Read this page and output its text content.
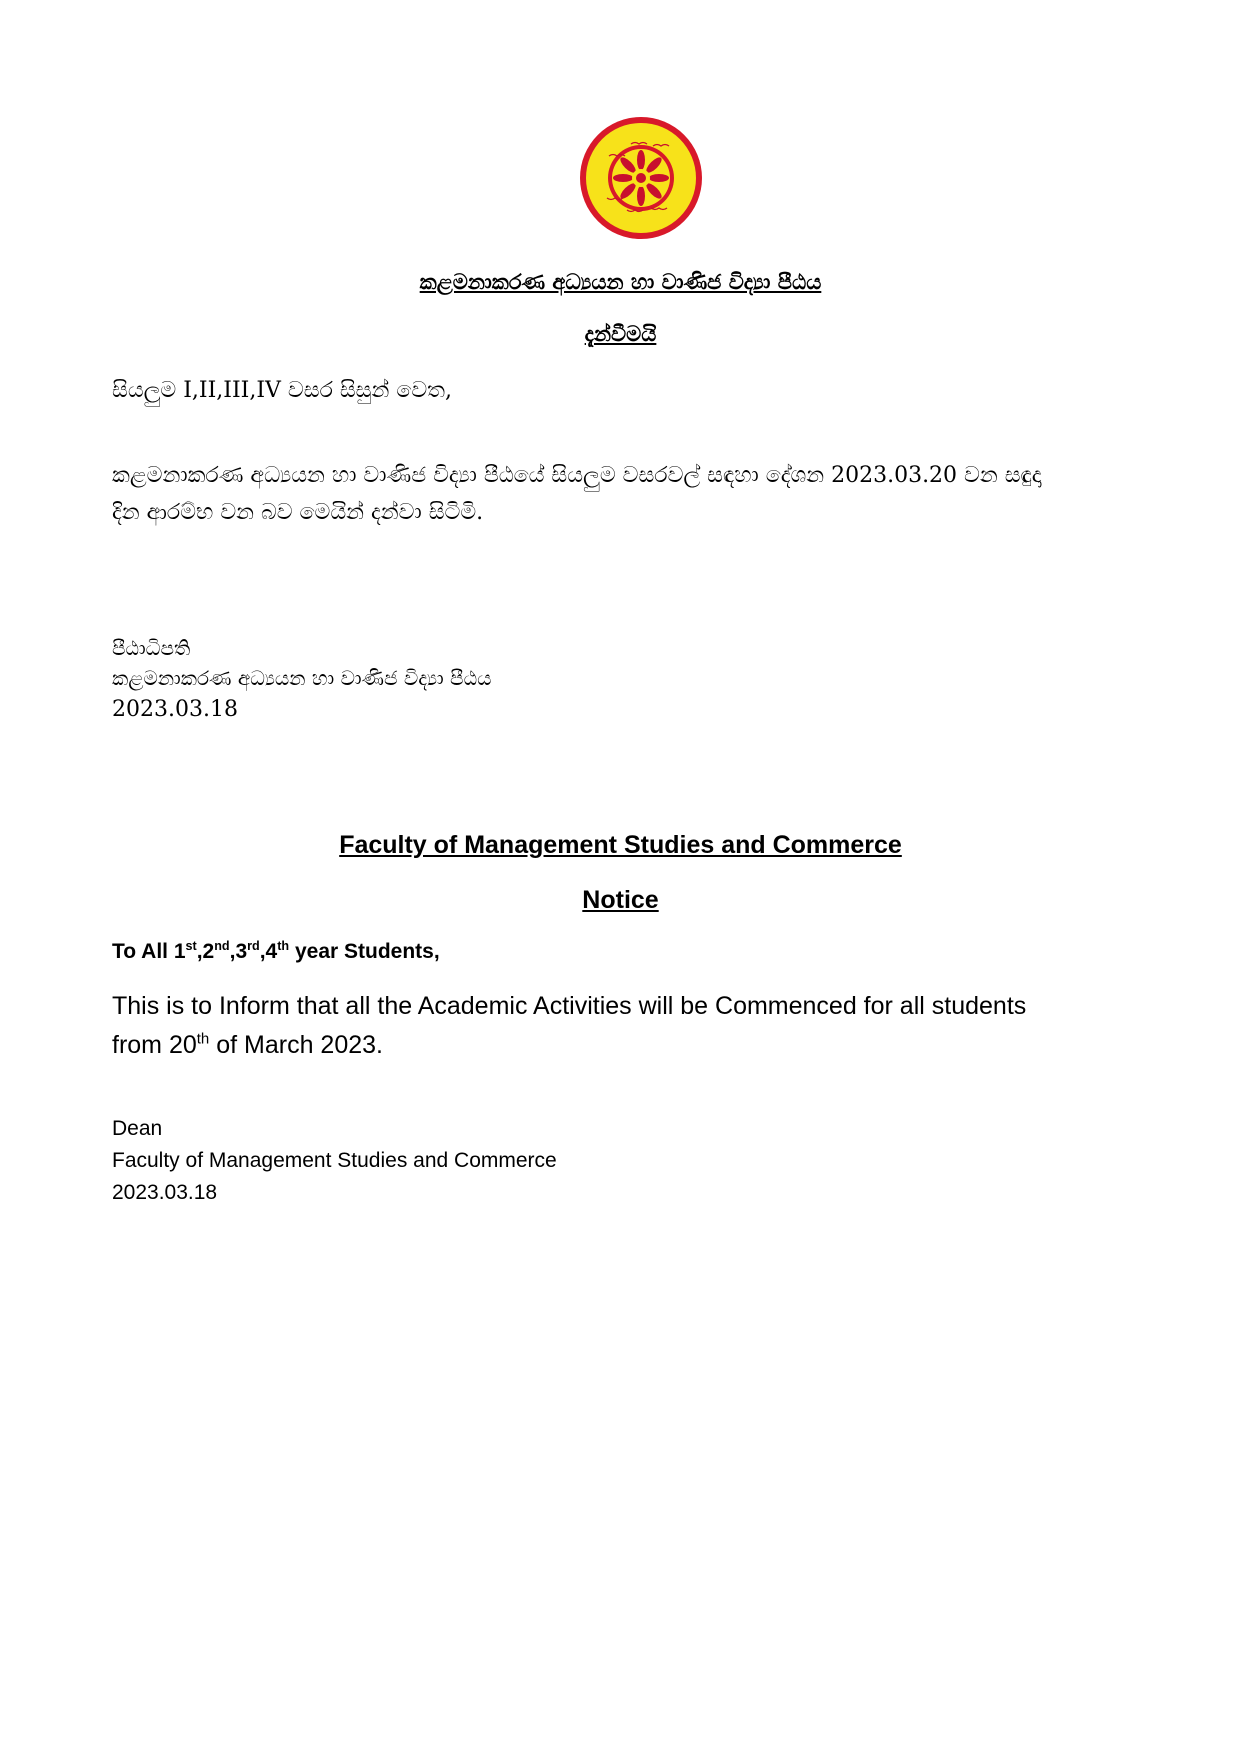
කළමනාකරණ අධ්‍යයන හා වාණිජ විද්‍යා පීඨය
දැන්වීමයි
සියලුම I,II,III,IV වසර සිසුන් වෙත,
කළමනාකරණ අධ්‍යයන හා වාණිජ විද්‍යා පීඨයේ සියලුම වසරවල් සඳහා දේශන 2023.03.20 වන සඳුදා
දින ආරම්භ වන බව මෙයින් දන්වා සිටිමි.
පීඨාධිපති
කළමනාකරණ අධ්‍යයන හා වාණිජ විද්‍යා පීඨය
2023.03.18
Faculty of Management Studies and Commerce
Notice
To All 1st,2nd,3rd,4th year Students,
This is to Inform that all the Academic Activities will be Commenced for all students
from 20th of March 2023.
Dean
Faculty of Management Studies and Commerce
2023.03.18
